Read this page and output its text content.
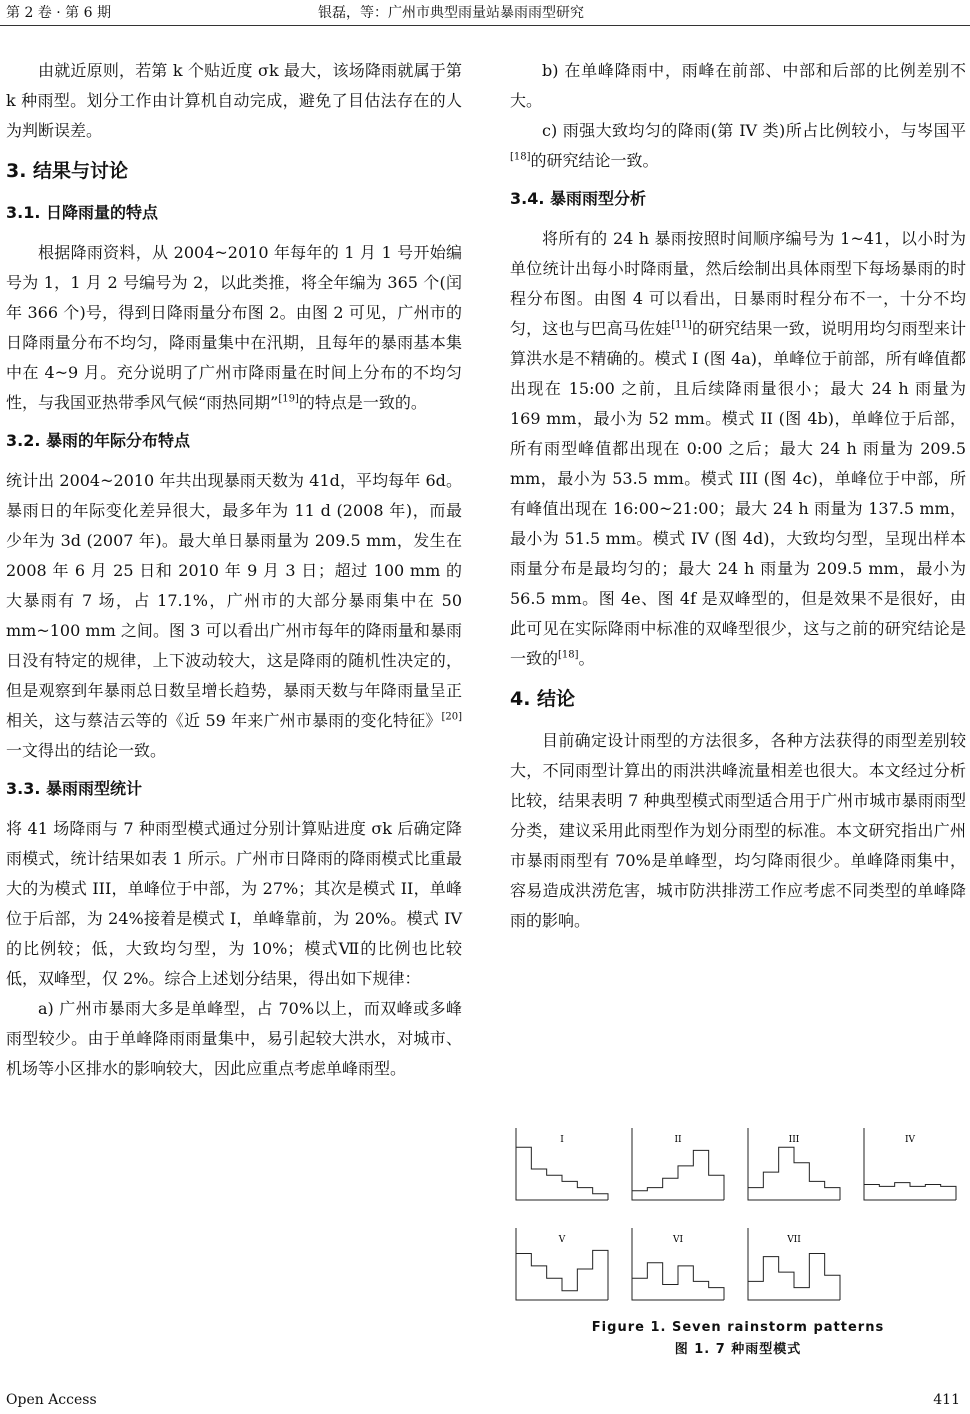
第 2 卷 · 第 6 期	银磊，等：广州市典型雨量站暴雨雨型研究

由就近原则，若第 k 个贴近度 σk 最大，该场降雨就属于第 k 种雨型。划分工作由计算机自动完成，避免了目估法存在的人为判断误差。

3. 结果与讨论
3.1. 日降雨量的特点

根据降雨资料，从 2004~2010 年每年的 1 月 1 号开始编号为 1，1 月 2 号编号为 2，以此类推，将全年编为 365 个(闰年 366 个)号，得到日降雨量分布图 2。由图 2 可见，广州市的日降雨量分布不均匀，降雨量集中在汛期，且每年的暴雨基本集中在 4~9 月。充分说明了广州市降雨量在时间上分布的不均匀性，与我国亚热带季风气候“雨热同期”[19]的特点是一致的。

3.2. 暴雨的年际分布特点

统计出 2004~2010 年共出现暴雨天数为 41d，平均每年 6d。暴雨日的年际变化差异很大，最多年为 11 d (2008 年)，而最少年为 3d (2007 年)。最大单日暴雨量为 209.5 mm，发生在 2008 年 6 月 25 日和 2010 年 9 月 3 日；超过 100 mm 的大暴雨有 7 场，占 17.1%，广州市的大部分暴雨集中在 50 mm~100 mm 之间。图 3 可以看出广州市每年的降雨量和暴雨日没有特定的规律，上下波动较大，这是降雨的随机性决定的，但是观察到年暴雨总日数呈增长趋势，暴雨天数与年降雨量呈正相关，这与蔡洁云等的《近 59 年来广州市暴雨的变化特征》[20]一文得出的结论一致。

3.3. 暴雨雨型统计

将 41 场降雨与 7 种雨型模式通过分别计算贴进度 σk 后确定降雨模式，统计结果如表 1 所示。广州市日降雨的降雨模式比重最大的为模式 III，单峰位于中部，为 27%；其次是模式 II，单峰位于后部，为 24%接着是模式 I，单峰靠前，为 20%。模式 IV 的比例较；低，大致均匀型，为 10%；模式Ⅶ的比例也比较低，双峰型，仅 2%。综合上述划分结果，得出如下规律：

a) 广州市暴雨大多是单峰型，占 70%以上，而双峰或多峰雨型较少。由于单峰降雨雨量集中，易引起较大洪水，对城市、机场等小区排水的影响较大，因此应重点考虑单峰雨型。

b) 在单峰降雨中，雨峰在前部、中部和后部的比例差别不大。

c) 雨强大致均匀的降雨(第 IV 类)所占比例较小，与岑国平[18]的研究结论一致。

3.4. 暴雨雨型分析

将所有的 24 h 暴雨按照时间顺序编号为 1~41，以小时为单位统计出每小时降雨量，然后绘制出具体雨型下每场暴雨的时程分布图。由图 4 可以看出，日暴雨时程分布不一，十分不均匀，这也与巴高马佐娃[11]的研究结果一致，说明用均匀雨型来计算洪水是不精确的。模式 I (图 4a)，单峰位于前部，所有峰值都出现在 15:00 之前，且后续降雨量很小；最大 24 h 雨量为 169 mm，最小为 52 mm。模式 II (图 4b)，单峰位于后部，所有雨型峰值都出现在 0:00 之后；最大 24 h 雨量为 209.5 mm，最小为 53.5 mm。模式 III (图 4c)，单峰位于中部，所有峰值出现在 16:00~21:00；最大 24 h 雨量为 137.5 mm，最小为 51.5 mm。模式 IV (图 4d)，大致均匀型，呈现出样本雨量分布是最均匀的；最大 24 h 雨量为 209.5 mm，最小为 56.5 mm。图 4e、图 4f 是双峰型的，但是效果不是很好，由此可见在实际降雨中标准的双峰型很少，这与之前的研究结论是一致的[18]。

4. 结论

目前确定设计雨型的方法很多，各种方法获得的雨型差别较大，不同雨型计算出的雨洪洪峰流量相差也很大。本文经过分析比较，结果表明 7 种典型模式雨型适合用于广州市城市暴雨雨型分类，建议采用此雨型作为划分雨型的标准。本文研究指出广州市暴雨雨型有 70%是单峰型，均匀降雨很少。单峰降雨集中，容易造成洪涝危害，城市防洪排涝工作应考虑不同类型的单峰降雨的影响。

I	II	III	IV
V	VI	VII
Figure 1. Seven rainstorm patterns
图 1. 7 种雨型模式
Open Access	411
